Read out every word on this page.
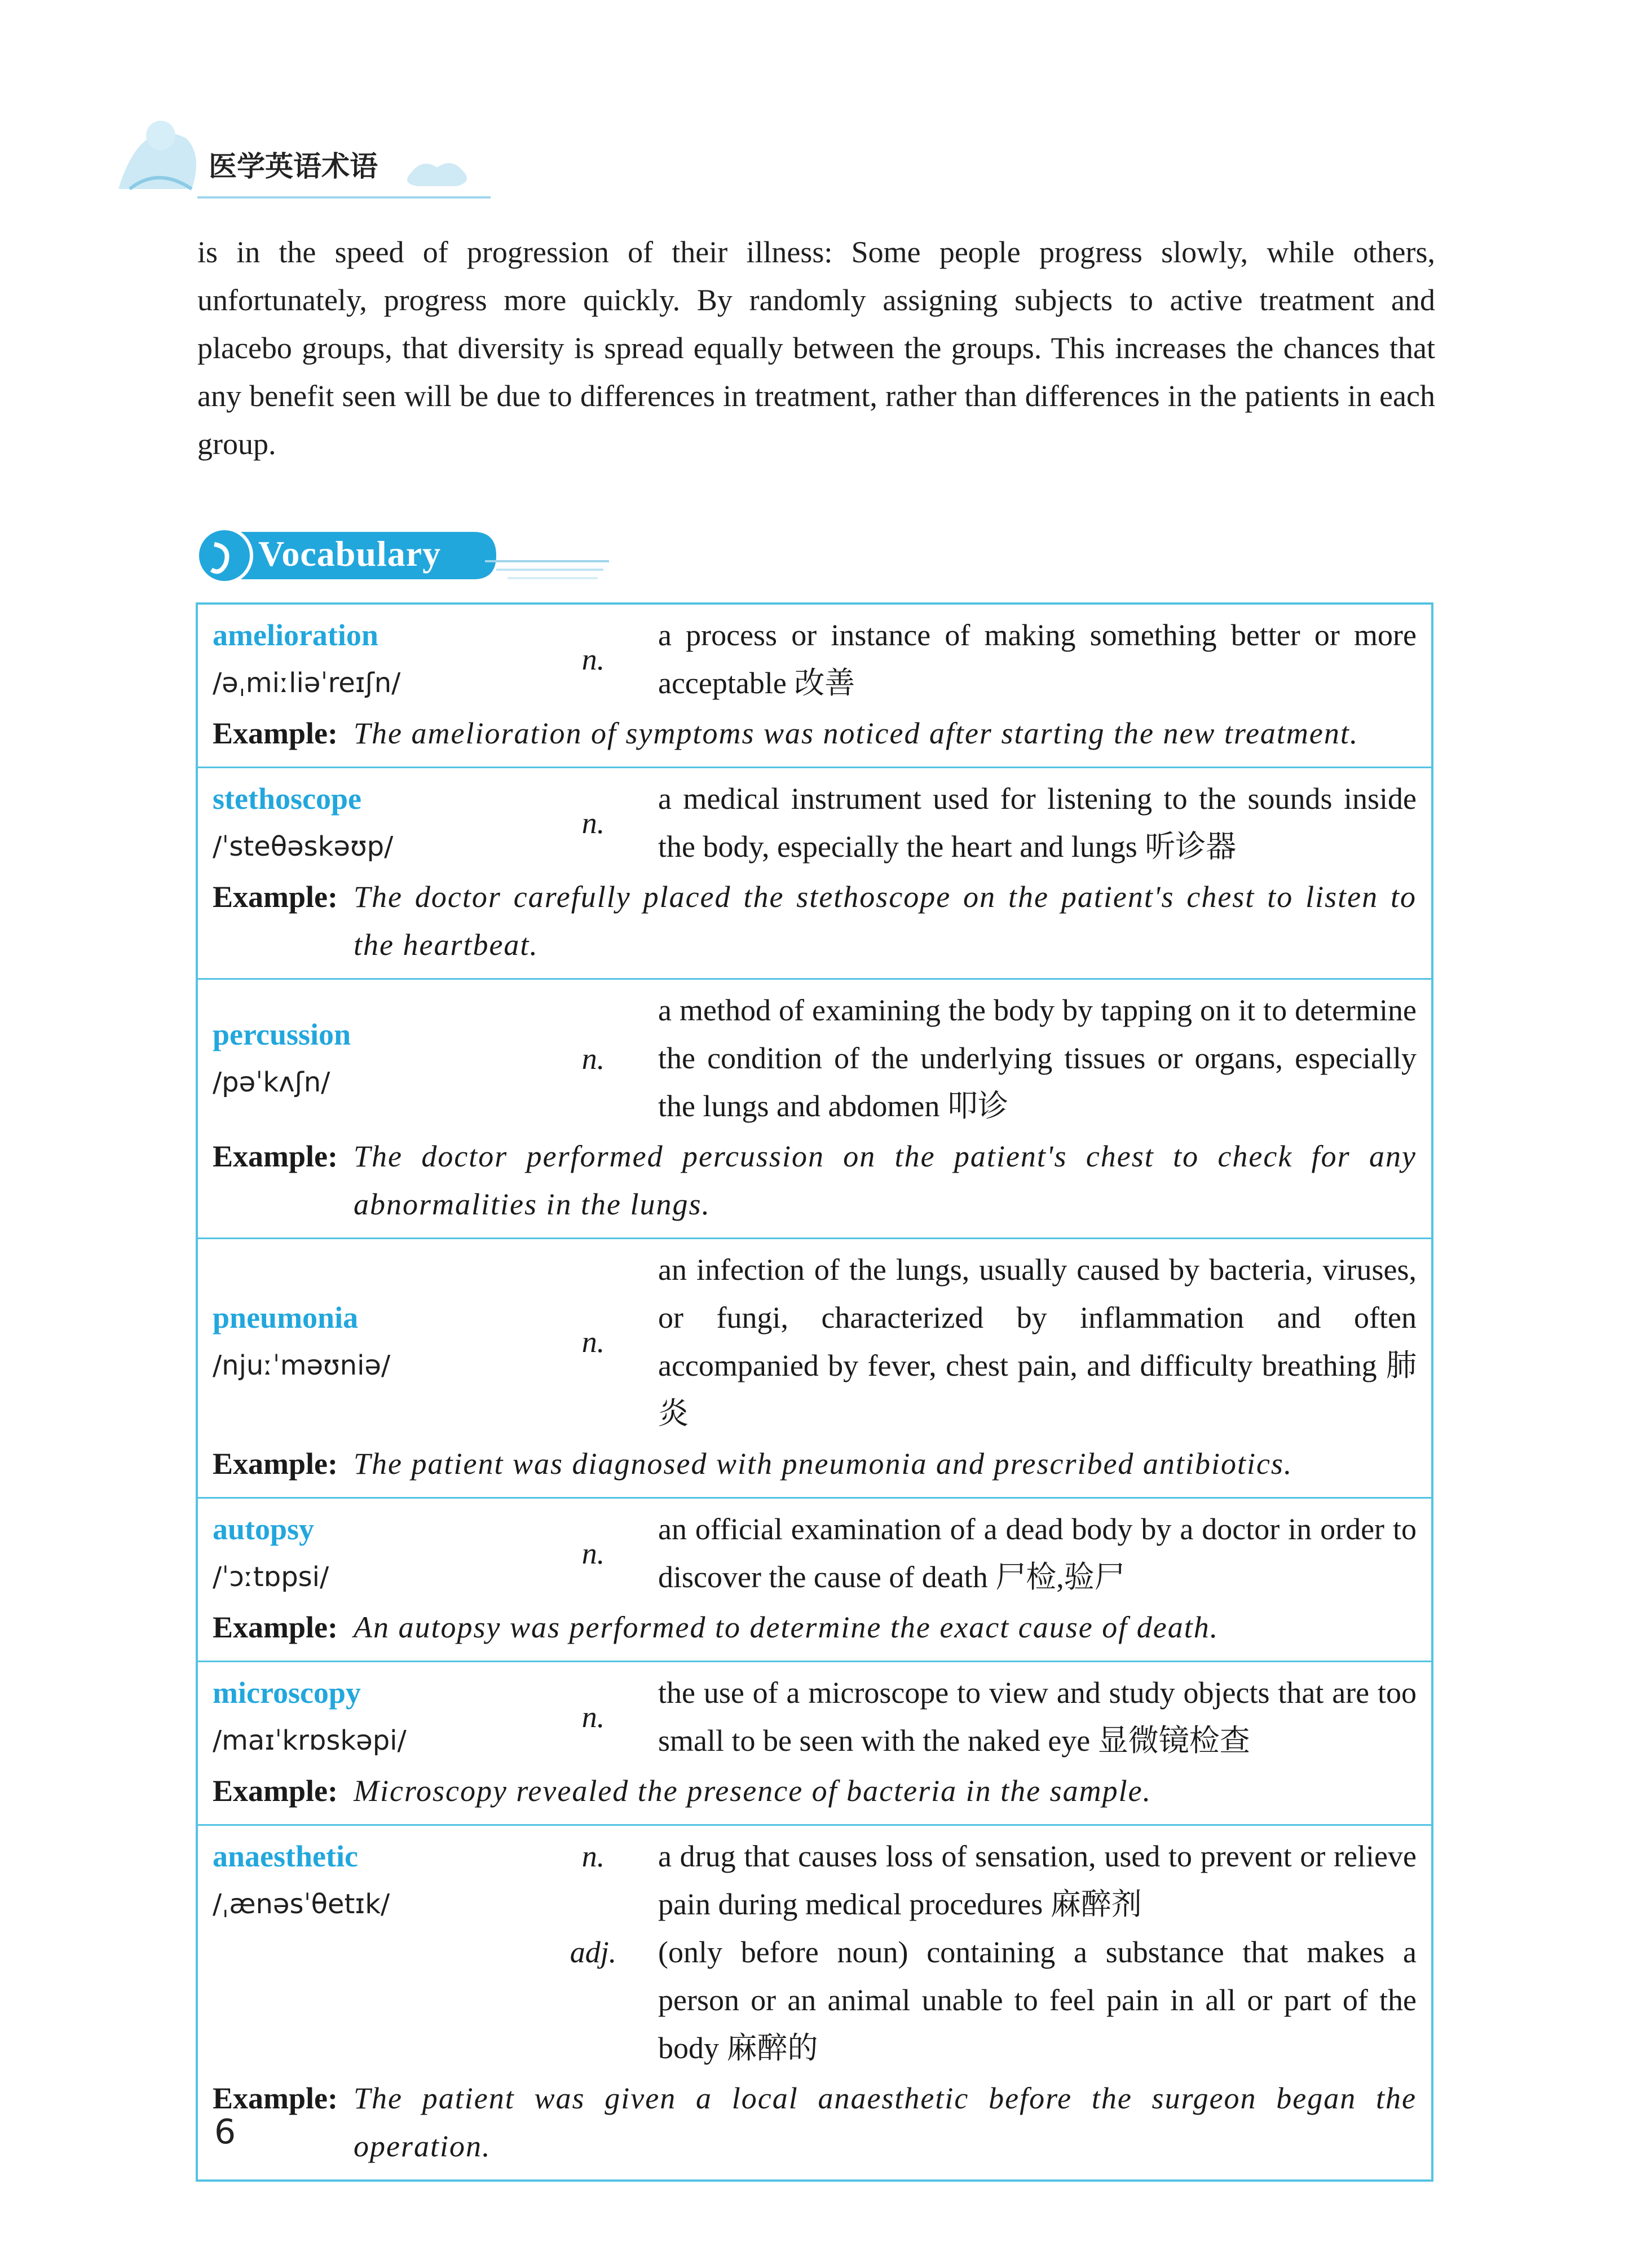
医学英语术语
is in the speed of progression of their illness: Some people progress slowly, while others, unfortunately, progress more quickly. By randomly assigning subjects to active treatment and placebo groups, that diversity is spread equally between the groups. This increases the chances that any benefit seen will be due to differences in treatment, rather than differences in the patients in each group.
Vocabulary
amelioration
/əˌmiːliəˈreɪʃn/
n.
a process or instance of making something better or more acceptable 改善
Example: The amelioration of symptoms was noticed after starting the new treatment.
stethoscope
/ˈsteθəskəʊp/
n.
a medical instrument used for listening to the sounds inside the body, especially the heart and lungs 听诊器
Example: The doctor carefully placed the stethoscope on the patient's chest to listen to the heartbeat.
percussion
/pəˈkʌʃn/
n.
a method of examining the body by tapping on it to determine the condition of the underlying tissues or organs, especially the lungs and abdomen 叩诊
Example: The doctor performed percussion on the patient's chest to check for any abnormalities in the lungs.
pneumonia
/njuːˈməʊniə/
n.
an infection of the lungs, usually caused by bacteria, viruses, or fungi, characterized by inflammation and often accompanied by fever, chest pain, and difficulty breathing 肺炎
Example: The patient was diagnosed with pneumonia and prescribed antibiotics.
autopsy
/ˈɔːtɒpsi/
n.
an official examination of a dead body by a doctor in order to discover the cause of death 尸检,验尸
Example: An autopsy was performed to determine the exact cause of death.
microscopy
/maɪˈkrɒskəpi/
n.
the use of a microscope to view and study objects that are too small to be seen with the naked eye 显微镜检查
Example: Microscopy revealed the presence of bacteria in the sample.
anaesthetic
/ˌænəsˈθetɪk/
n.	a drug that causes loss of sensation, used to prevent or relieve pain during medical procedures 麻醉剂
adj.	(only before noun) containing a substance that makes a person or an animal unable to feel pain in all or part of the body 麻醉的
Example: The patient was given a local anaesthetic before the surgeon began the operation.
6
